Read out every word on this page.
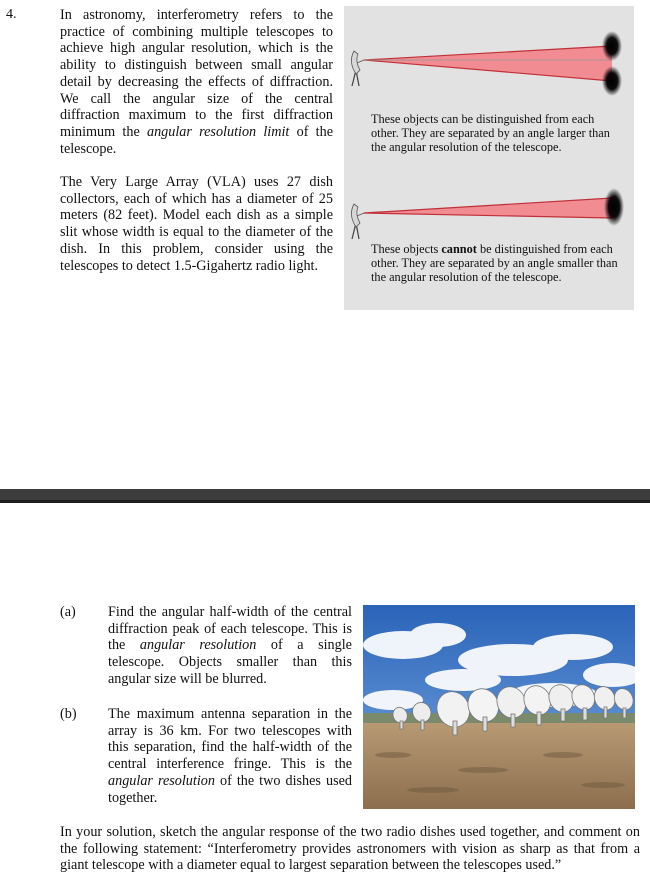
4.	In astronomy, interferometry refers to the practice of combining multiple telescopes to achieve high angular resolution, which is the ability to distinguish between small angular detail by decreasing the effects of diffraction. We call the angular size of the central diffraction maximum to the first diffraction minimum the angular resolution limit of the telescope.
The Very Large Array (VLA) uses 27 dish collectors, each of which has a diameter of 25 meters (82 feet). Model each dish as a simple slit whose width is equal to the diameter of the dish. In this problem, consider using the telescopes to detect 1.5-Gigahertz radio light.
These objects can be distinguished from each other. They are separated by an angle larger than the angular resolution of the telescope.
These objects cannot be distinguished from each other. They are separated by an angle smaller than the angular resolution of the telescope.
(a) Find the angular half-width of the central diffraction peak of each telescope. This is the angular resolution of a single telescope. Objects smaller than this angular size will be blurred.
(b) The maximum antenna separation in the array is 36 km. For two telescopes with this separation, find the half-width of the central interference fringe. This is the angular resolution of the two dishes used together.
In your solution, sketch the angular response of the two radio dishes used together, and comment on the following statement: “Interferometry provides astronomers with vision as sharp as that from a giant telescope with a diameter equal to largest separation between the telescopes used.”
